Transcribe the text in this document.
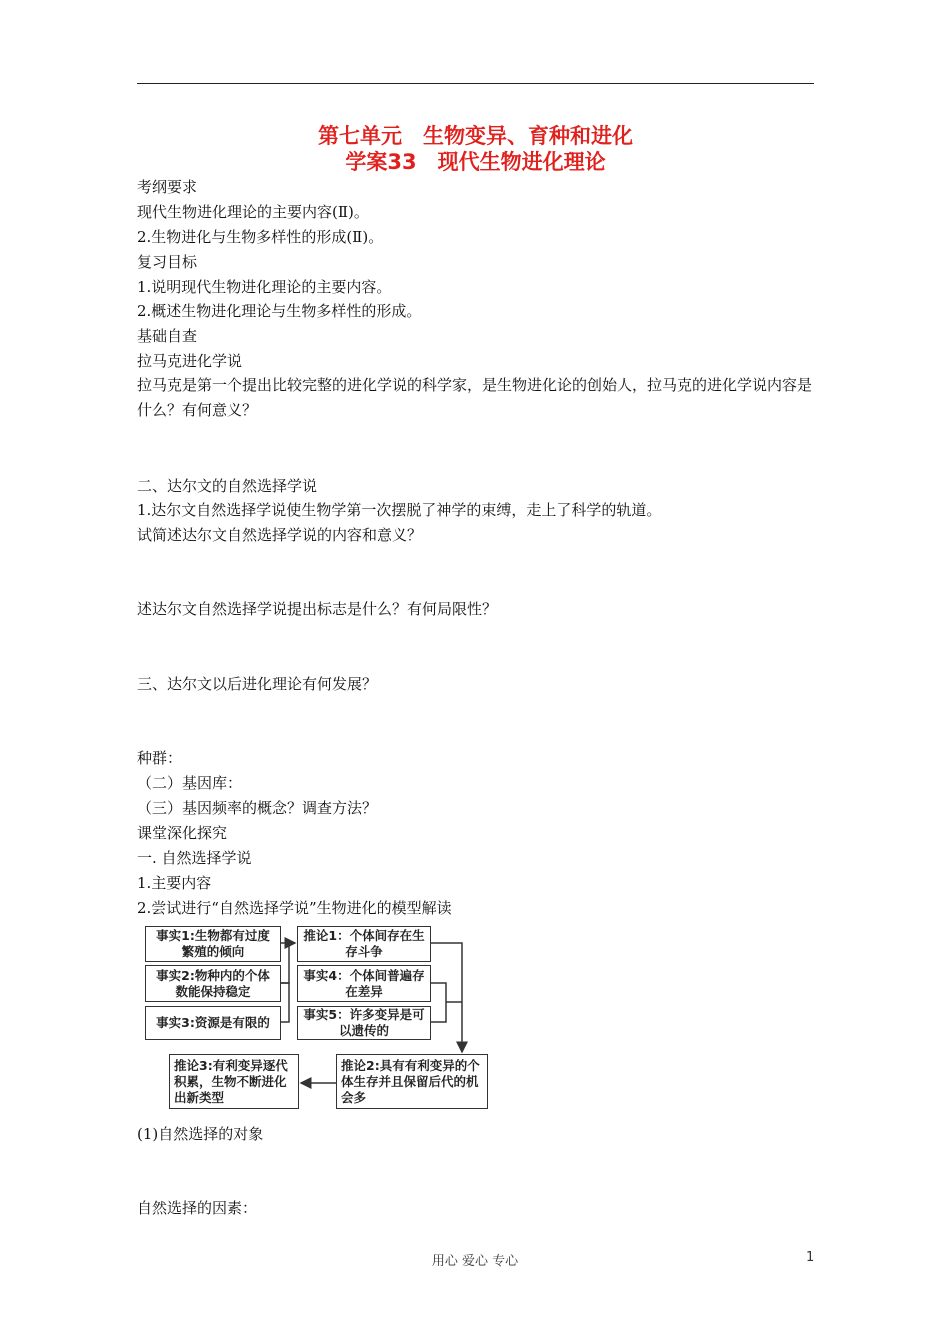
第七单元　生物变异、育种和进化
学案33　现代生物进化理论
考纲要求
现代生物进化理论的主要内容(Ⅱ)。
2.生物进化与生物多样性的形成(Ⅱ)。
复习目标
1.说明现代生物进化理论的主要内容。
2.概述生物进化理论与生物多样性的形成。
基础自查
拉马克进化学说
拉马克是第一个提出比较完整的进化学说的科学家，是生物进化论的创始人，拉马克的进化学说内容是什么？有何意义？
二、达尔文的自然选择学说
1.达尔文自然选择学说使生物学第一次摆脱了神学的束缚，走上了科学的轨道。
试简述达尔文自然选择学说的内容和意义？
述达尔文自然选择学说提出标志是什么？有何局限性？
三、达尔文以后进化理论有何发展？
种群：
（二）基因库：
（三）基因频率的概念？调查方法？
课堂深化探究
一. 自然选择学说
1.主要内容
2.尝试进行“自然选择学说”生物进化的模型解读
事实1:生物都有过度繁殖的倾向
事实2:物种内的个体数能保持稳定
事实3:资源是有限的
推论1：个体间存在生存斗争
事实4：个体间普遍存在差异
事实5：许多变异是可以遗传的
推论2:具有有利变异的个体生存并且保留后代的机会多
推论3:有利变异逐代积累，生物不断进化出新类型
(1)自然选择的对象
自然选择的因素：
用心 爱心 专心	1
